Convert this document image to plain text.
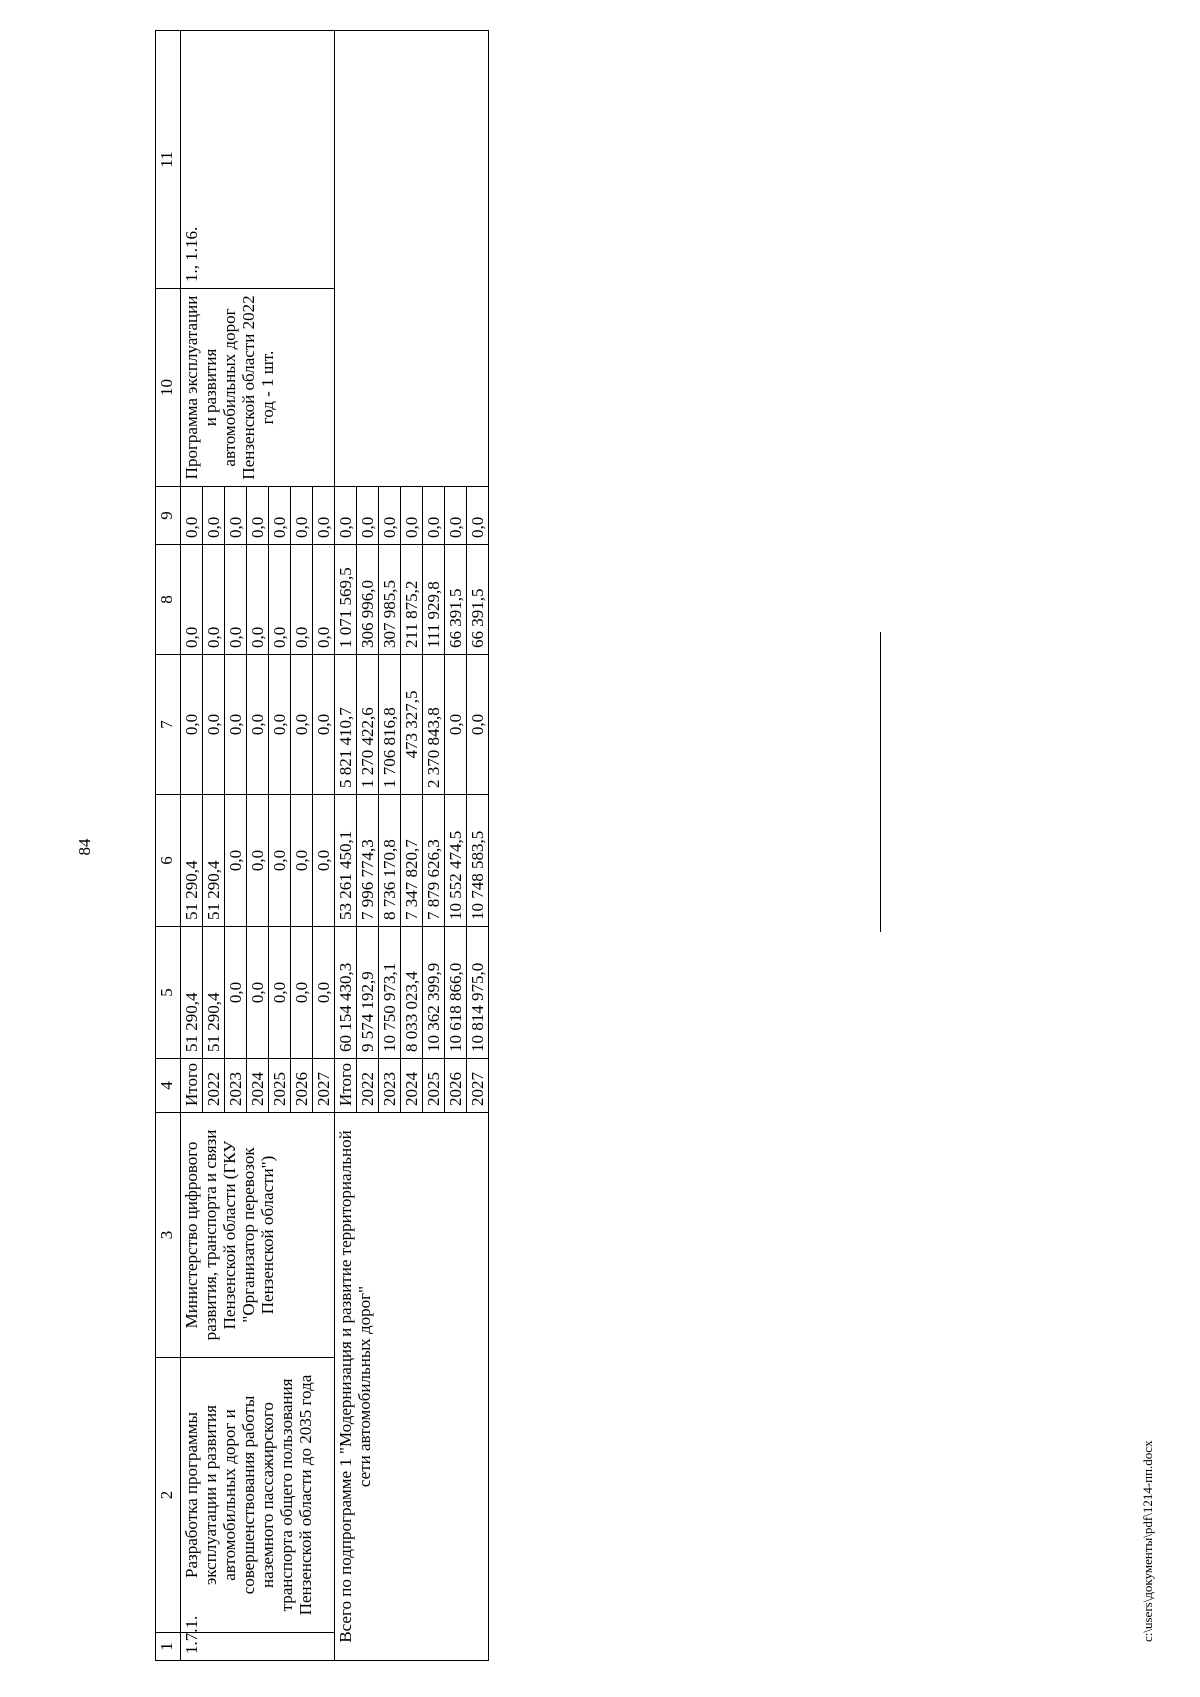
84
1	2	3	4	5	6	7	8	9	10	11
1.7.1.	Разработка программы эксплуатации и развития автомобильных дорог и совершенствования работы наземного пассажирского транспорта общего пользования Пензенской области до 2035 года	Министерство цифрового развития, транспорта и связи Пензенской области (ГКУ "Организатор перевозок Пензенской области")	Итого	51 290,4	51 290,4	0,0	0,0	0,0	Программа эксплуатации и развития автомобильных дорог Пензенской области 2022 год - 1 шт.	1., 1.16.
			2022	51 290,4	51 290,4	0,0	0,0	0,0		
			2023	0,0	0,0	0,0	0,0	0,0		
			2024	0,0	0,0	0,0	0,0	0,0		
			2025	0,0	0,0	0,0	0,0	0,0		
			2026	0,0	0,0	0,0	0,0	0,0		
			2027	0,0	0,0	0,0	0,0	0,0		
Всего по подпрограмме 1 "Модернизация и развитие территориальной сети автомобильных дорог"			Итого	60 154 430,3	53 261 450,1	5 821 410,7	1 071 569,5	0,0		
			2022	9 574 192,9	7 996 774,3	1 270 422,6	306 996,0	0,0		
			2023	10 750 973,1	8 736 170,8	1 706 816,8	307 985,5	0,0		
			2024	8 033 023,4	7 347 820,7	473 327,5	211 875,2	0,0		
			2025	10 362 399,9	7 879 626,3	2 370 843,8	111 929,8	0,0		
			2026	10 618 866,0	10 552 474,5	0,0	66 391,5	0,0		
			2027	10 814 975,0	10 748 583,5	0,0	66 391,5	0,0		
c:\users\документы\pdf\1214-пп.docx
